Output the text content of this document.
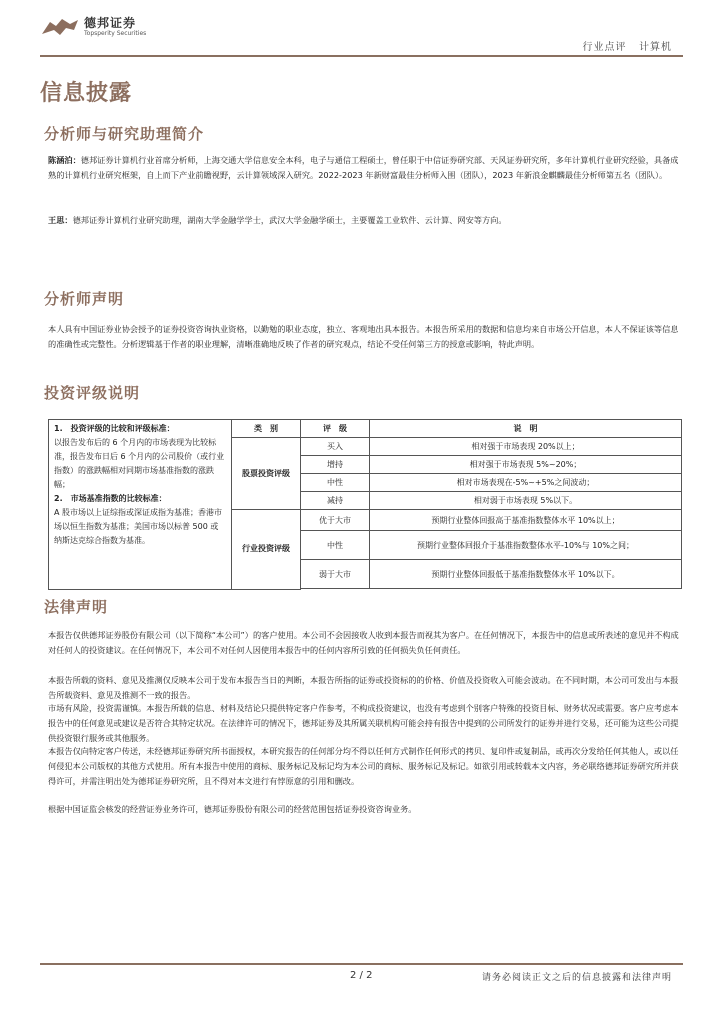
德邦证券
Topsperity Securities
行业点评 计算机
信息披露
分析师与研究助理简介
陈涵泊：德邦证券计算机行业首席分析师，上海交通大学信息安全本科，电子与通信工程硕士，曾任职于中信证券研究部、天风证券研究所，多年计算机行业研究经验，具备成熟的计算机行业研究框架，自上而下产业前瞻视野，云计算领域深入研究。2022-2023 年新财富最佳分析师入围（团队），2023 年新浪金麒麟最佳分析师第五名（团队）。
王思：德邦证券计算机行业研究助理，湖南大学金融学学士，武汉大学金融学硕士，主要覆盖工业软件、云计算、网安等方向。
分析师声明
本人具有中国证券业协会授予的证券投资咨询执业资格，以勤勉的职业态度，独立、客观地出具本报告。本报告所采用的数据和信息均来自市场公开信息，本人不保证该等信息的准确性或完整性。分析逻辑基于作者的职业理解，清晰准确地反映了作者的研究观点，结论不受任何第三方的授意或影响，特此声明。
投资评级说明
1.　投资评级的比较和评级标准：
以报告发布后的 6 个月内的市场表现为比较标准，报告发布日后 6 个月内的公司股价（或行业指数）的涨跌幅相对同期市场基准指数的涨跌幅；
2.　市场基准指数的比较标准：
A 股市场以上证综指或深证成指为基准；香港市场以恒生指数为基准；美国市场以标普 500 或纳斯达克综合指数为基准。	类　别	评　级	说　明
	股票投资评级	买入	相对强于市场表现 20%以上；
		增持	相对强于市场表现 5%~20%；
		中性	相对市场表现在-5%~+5%之间波动；
		减持	相对弱于市场表现 5%以下。
	行业投资评级	优于大市	预期行业整体回报高于基准指数整体水平 10%以上；
		中性	预期行业整体回报介于基准指数整体水平-10%与 10%之间；
		弱于大市	预期行业整体回报低于基准指数整体水平 10%以下。

法律声明
本报告仅供德邦证券股份有限公司（以下简称“本公司”）的客户使用。本公司不会因接收人收到本报告而视其为客户。在任何情况下，本报告中的信息或所表述的意见并不构成对任何人的投资建议。在任何情况下，本公司不对任何人因使用本报告中的任何内容所引致的任何损失负任何责任。
本报告所载的资料、意见及推测仅反映本公司于发布本报告当日的判断，本报告所指的证券或投资标的的价格、价值及投资收入可能会波动。在不同时期，本公司可发出与本报告所载资料、意见及推测不一致的报告。
市场有风险，投资需谨慎。本报告所载的信息、材料及结论只提供特定客户作参考，不构成投资建议，也没有考虑到个别客户特殊的投资目标、财务状况或需要。客户应考虑本报告中的任何意见或建议是否符合其特定状况。在法律许可的情况下，德邦证券及其所属关联机构可能会持有报告中提到的公司所发行的证券并进行交易，还可能为这些公司提供投资银行服务或其他服务。
本报告仅向特定客户传送，未经德邦证券研究所书面授权，本研究报告的任何部分均不得以任何方式制作任何形式的拷贝、复印件或复制品，或再次分发给任何其他人，或以任何侵犯本公司版权的其他方式使用。所有本报告中使用的商标、服务标记及标记均为本公司的商标、服务标记及标记。如欲引用或转载本文内容，务必联络德邦证券研究所并获得许可，并需注明出处为德邦证券研究所，且不得对本文进行有悖原意的引用和删改。
根据中国证监会核发的经营证券业务许可，德邦证券股份有限公司的经营范围包括证券投资咨询业务。
2 / 2	请务必阅读正文之后的信息披露和法律声明
